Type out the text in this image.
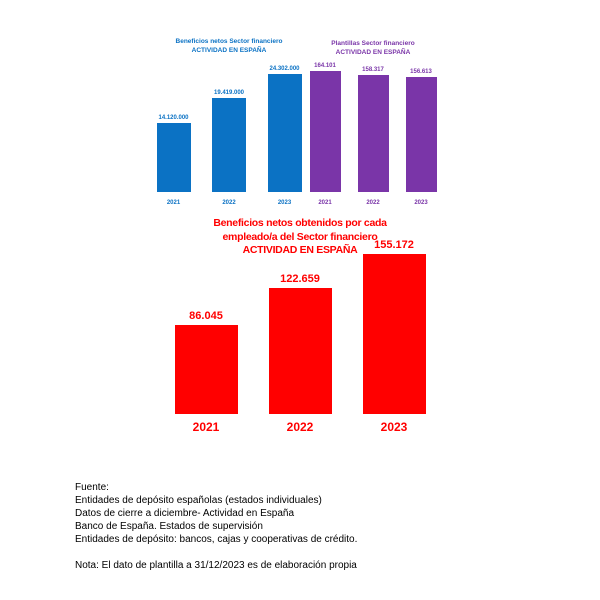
Beneficios netos Sector financiero
ACTIVIDAD EN ESPAÑA
14.120.000
19.419.000
24.302.000
2021	2022	2023
Plantillas Sector financiero
ACTIVIDAD EN ESPAÑA
164.101
158.317	156.613
2021	2022	2023
Beneficios netos obtenidos por cada
empleado/a del Sector financiero
ACTIVIDAD EN ESPAÑA
86.045
122.659
155.172
2021	2022	2023
Fuente:
Entidades de depósito españolas (estados individuales)
Datos de cierre a diciembre- Actividad en España
Banco de España. Estados de supervisión
Entidades de depósito: bancos, cajas y cooperativas de crédito.
Nota: El dato de plantilla a 31/12/2023 es de elaboración propia
